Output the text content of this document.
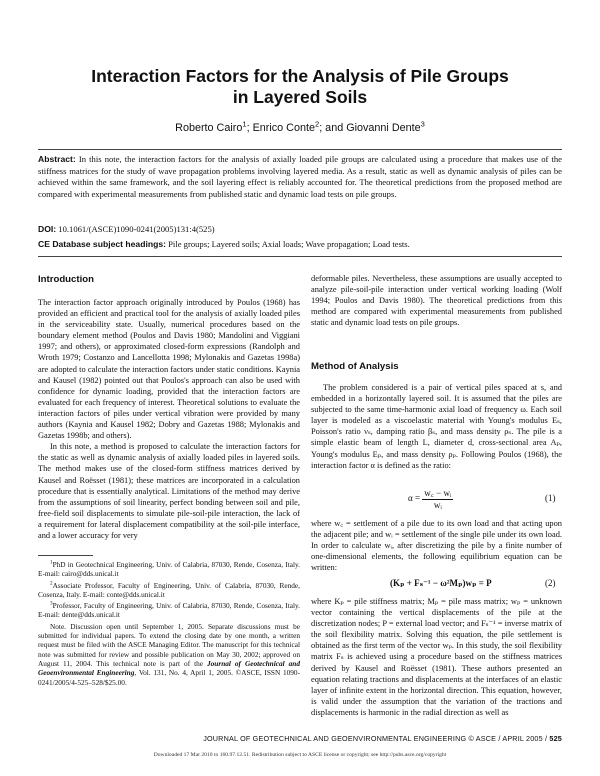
Interaction Factors for the Analysis of Pile Groups
in Layered Soils
Roberto Cairo$^1$; Enrico Conte$^2$; and Giovanni Dente$^3$
Abstract: In this note, the interaction factors for the analysis of axially loaded pile groups are calculated using a procedure that makes use of the stiffness matrices for the study of wave propagation problems involving layered media. As a result, static as well as dynamic analysis of piles can be achieved within the same framework, and the soil layering effect is reliably accounted for. The theoretical predictions from the proposed method are compared with experimental measurements from published static and dynamic load tests on pile groups.
DOI: 10.1061/(ASCE)1090-0241(2005)131:4(525)
CE Database subject headings: Pile groups; Layered soils; Axial loads; Wave propagation; Load tests.
Introduction

The interaction factor approach originally introduced by Poulos (1968) has provided an efficient and practical tool for the analysis of axially loaded piles in the serviceability state. Usually, numerical procedures based on the boundary element method (Poulos and Davis 1980; Mandolini and Viggiani 1997; and others), or approximated closed-form expressions (Randolph and Wroth 1979; Costanzo and Lancellotta 1998; Mylonakis and Gazetas 1998a) are adopted to calculate the interaction factors under static conditions. Kaynia and Kausel (1982) pointed out that Poulos's approach can also be used with confidence for dynamic loading, provided that the interaction factors are evaluated for each frequency of interest. Theoretical solutions to evaluate the interaction factors of piles under vertical vibration were provided by many authors (Kaynia and Kausel 1982; Dobry and Gazetas 1988; Mylonakis and Gazetas 1998b; and others).

In this note, a method is proposed to calculate the interaction factors for the static as well as dynamic analysis of axially loaded piles in layered soils. The method makes use of the closed-form stiffness matrices derived by Kausel and Roësset (1981); these matrices are incorporated in a calculation procedure that is essentially analytical. Limitations of the method may derive from the assumptions of soil linearity, perfect bonding between soil and pile, free-field soil displacements to simulate pile-soil-pile interaction, the lack of a requirement for lateral displacement compatibility at the soil-pile interface, and a lower accuracy for very

$^1$PhD in Geotechnical Engineering, Univ. of Calabria, 87030, Rende, Cosenza, Italy. E-mail: cairo@dds.unical.it

$^2$Associate Professor, Faculty of Engineering, Univ. of Calabria, 87030, Rende, Cosenza, Italy. E-mail: conte@dds.unical.it

$^3$Professor, Faculty of Engineering, Univ. of Calabria, 87030, Rende, Cosenza, Italy. E-mail: dente@dds.unical.it

Note. Discussion open until September 1, 2005. Separate discussions must be submitted for individual papers. To extend the closing date by one month, a written request must be filed with the ASCE Managing Editor. The manuscript for this technical note was submitted for review and possible publication on May 30, 2002; approved on August 11, 2004. This technical note is part of the Journal of Geotechnical and Geoenvironmental Engineering, Vol. 131, No. 4, April 1, 2005. ©ASCE, ISSN 1090-0241/2005/4-525–528/$25.00.

deformable piles. Nevertheless, these assumptions are usually accepted to analyze pile-soil-pile interaction under vertical working loading (Wolf 1994; Poulos and Davis 1980). The theoretical predictions from this method are compared with experimental measurements from published static and dynamic load tests on pile groups.

Method of Analysis

The problem considered is a pair of vertical piles spaced at s, and embedded in a horizontally layered soil. It is assumed that the piles are subjected to the same time-harmonic axial load of frequency ω. Each soil layer is modeled as a viscoelastic material with Young's modulus Eₛ, Poisson's ratio νₛ, damping ratio βₛ, and mass density ρₛ. The pile is a simple elastic beam of length L, diameter d, cross-sectional area Aₚ, Young's modulus Eₚ, and mass density ρₚ. Following Poulos (1968), the interaction factor α is defined as the ratio:

$\alpha = \frac{\text{w꜀ − wᵢ}}{\text{wᵢ}}$	(1)

where w꜀ = settlement of a pile due to its own load and that acting upon the adjacent pile; and wᵢ = settlement of the single pile under its own load. In order to calculate wᵢ, after discretizing the pile by a finite number of one-dimensional elements, the following equilibrium equation can be written:

(Kₚ + Fₛ⁻¹ − ω²Mₚ)wₚ = P	(2)

where Kₚ = pile stiffness matrix; Mₚ = pile mass matrix; wₚ = unknown vector containing the vertical displacements of the pile at the discretization nodes; P = external load vector; and Fₛ⁻¹ = inverse matrix of the soil flexibility matrix. Solving this equation, the pile settlement is obtained as the first term of the vector wₚ. In this study, the soil flexibility matrix Fₛ is achieved using a procedure based on the stiffness matrices derived by Kausel and Roësset (1981). These authors presented an equation relating tractions and displacements at the interfaces of an elastic layer of infinite extent in the horizontal direction. This equation, however, is valid under the assumption that the variation of the tractions and displacements is harmonic in the radial direction as well as

JOURNAL OF GEOTECHNICAL AND GEOENVIRONMENTAL ENGINEERING © ASCE / APRIL 2005 / 525
Downloaded 17 Mar 2010 to 160.97.12.51. Redistribution subject to ASCE license or copyright; see http://pubs.asce.org/copyright
